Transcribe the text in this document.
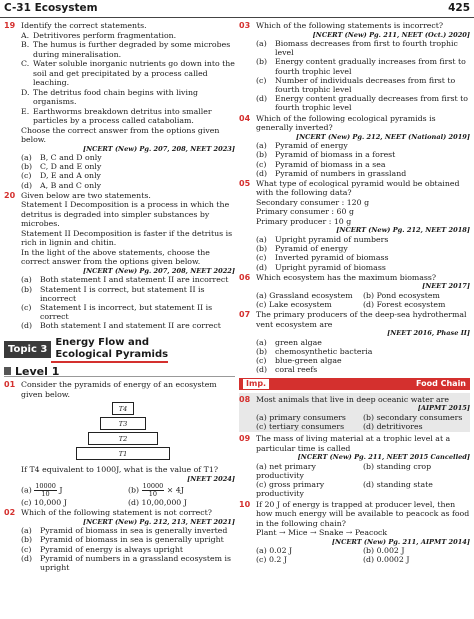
C-31 Ecosystem	425
19 Identify the correct statements.
A. Detritivores perform fragmentation.
B. The humus is further degraded by some microbes during mineralisation.
C. Water soluble inorganic nutrients go down into the soil and get precipitated by a process called leaching.
D. The detritus food chain begins with living organisms.
E. Earthworms breakdown detritus into smaller particles by a process called cataboliam.
Choose the correct answer from the options given below.
[NCERT (New) Pg. 207, 208, NEET 2023]
(a)	B, C and D only
(b)	C, D and E only
(c)	D, E and A only
(d)	A, B and C only
20 Given below are two statements.
Statement I Decomposition is a process in which the detritus is degraded into simpler substances by microbes.
Statement II Decomposition is faster if the detritus is rich in lignin and chitin.
In the light of the above statements, choose the correct answer from the options given below.
[NCERT (New) Pg. 207, 208, NEET 2022]
(a)	Both statement I and statement II are incorrect
(b)	Statement I is correct, but statement II is incorrect
(c)	Statement I is incorrect, but statement II is correct
(d)	Both statement I and statement II are correct
Topic 3
Energy Flow and
Ecological Pyramids
Level 1
01 Consider the pyramids of energy of an ecosystem given below.
T4
T3
T2
T1
If T4 equivalent to 1000J, what is the value of T1?
[NEET 2024]
$(a) \frac{10000}{10}$ J	$(b) \frac{10000}{10} \times 4J$
(c) 10,000 J	(d) 10,00,000 J
02 Which of the following statement is not correct?
[NCERT (New) Pg. 212, 213, NEET 2021]
(a)	Pyramid of biomass in sea is generally inverted
(b)	Pyramid of biomass in sea is generally upright
(c)	Pyramid of energy is always upright
(d)	Pyramid of numbers in a grassland ecosystem is upright
03 Which of the following statements is incorrect?
[NCERT (New) Pg. 211, NEET (Oct.) 2020]
(a)	Biomass decreases from first to fourth trophic level
(b)	Energy content gradually increases from first to fourth trophic level
(c)	Number of individuals decreases from first to fourth trophic level
(d)	Energy content gradually decreases from first to fourth trophic level
04 Which of the following ecological pyramids is generally inverted?
[NCERT (New) Pg. 212, NEET (National) 2019]
(a)	Pyramid of energy
(b)	Pyramid of biomass in a forest
(c)	Pyramid of biomass in a sea
(d)	Pyramid of numbers in grassland
05 What type of ecological pyramid would be obtained with the following data?
Secondary consumer : 120 g
Primary consumer : 60 g
Primary producer : 10 g
[NCERT (New) Pg. 212, NEET 2018]
(a)	Upright pyramid of numbers
(b)	Pyramid of energy
(c)	Inverted pyramid of biomass
(d)	Upright pyramid of biomass
06 Which ecosystem has the maximum biomass?
[NEET 2017]
(a) Grassland ecosystem	(b) Pond ecosystem
(c) Lake ecosystem	(d) Forest ecosystem
07 The primary producers of the deep-sea hydrothermal vent ecosystem are
[NEET 2016, Phase II]
(a)	green algae
(b)	chemosynthetic bacteria
(c)	blue-green algae
(d)	coral reefs
Imp.	Food Chain
08 Most animals that live in deep oceanic water are
[AIPMT 2015]
(a) primary consumers	(b) secondary consumers
(c) tertiary consumers	(d) detritivores
09 The mass of living material at a trophic level at a particular time is called
[NCERT (New) Pg. 211, NEET 2015 Cancelled]
(a) net primary productivity
(b) standing crop
(c) gross primary productivity
(d) standing state
10 If 20 J of energy is trapped at producer level, then how much energy will be available to peacock as food in the following chain?
Plant → Mice → Snake → Peacock
[NCERT (New) Pg. 211, AIPMT 2014]
(a) 0.02 J	(b) 0.002 J
(c) 0.2 J	(d) 0.0002 J
